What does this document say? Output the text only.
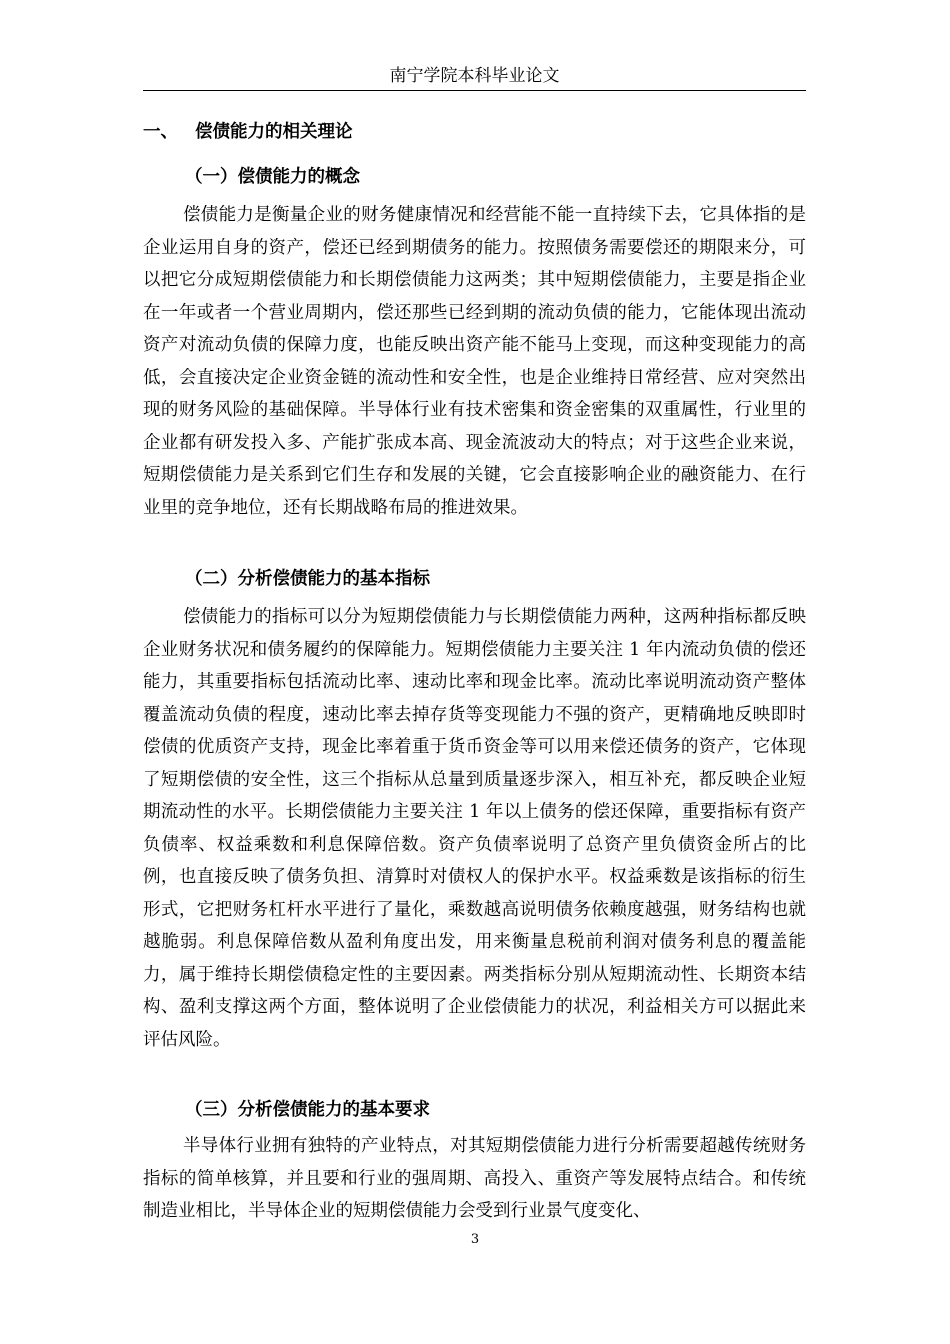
南宁学院本科毕业论文
一、 偿债能力的相关理论
（一）偿债能力的概念
偿债能力是衡量企业的财务健康情况和经营能不能一直持续下去，它具体指的是企业运用自身的资产，偿还已经到期债务的能力。按照债务需要偿还的期限来分，可以把它分成短期偿债能力和长期偿债能力这两类；其中短期偿债能力，主要是指企业在一年或者一个营业周期内，偿还那些已经到期的流动负债的能力，它能体现出流动资产对流动负债的保障力度，也能反映出资产能不能马上变现，而这种变现能力的高低，会直接决定企业资金链的流动性和安全性，也是企业维持日常经营、应对突然出现的财务风险的基础保障。半导体行业有技术密集和资金密集的双重属性，行业里的企业都有研发投入多、产能扩张成本高、现金流波动大的特点；对于这些企业来说，短期偿债能力是关系到它们生存和发展的关键，它会直接影响企业的融资能力、在行业里的竞争地位，还有长期战略布局的推进效果。
（二）分析偿债能力的基本指标
偿债能力的指标可以分为短期偿债能力与长期偿债能力两种，这两种指标都反映企业财务状况和债务履约的保障能力。短期偿债能力主要关注 1 年内流动负债的偿还能力，其重要指标包括流动比率、速动比率和现金比率。流动比率说明流动资产整体覆盖流动负债的程度，速动比率去掉存货等变现能力不强的资产，更精确地反映即时偿债的优质资产支持，现金比率着重于货币资金等可以用来偿还债务的资产，它体现了短期偿债的安全性，这三个指标从总量到质量逐步深入，相互补充，都反映企业短期流动性的水平。长期偿债能力主要关注 1 年以上债务的偿还保障，重要指标有资产负债率、权益乘数和利息保障倍数。资产负债率说明了总资产里负债资金所占的比例，也直接反映了债务负担、清算时对债权人的保护水平。权益乘数是该指标的衍生形式，它把财务杠杆水平进行了量化，乘数越高说明债务依赖度越强，财务结构也就越脆弱。利息保障倍数从盈利角度出发，用来衡量息税前利润对债务利息的覆盖能力，属于维持长期偿债稳定性的主要因素。两类指标分别从短期流动性、长期资本结构、盈利支撑这两个方面，整体说明了企业偿债能力的状况，利益相关方可以据此来评估风险。
（三）分析偿债能力的基本要求
半导体行业拥有独特的产业特点，对其短期偿债能力进行分析需要超越传统财务指标的简单核算，并且要和行业的强周期、高投入、重资产等发展特点结合。和传统制造业相比，半导体企业的短期偿债能力会受到行业景气度变化、
3
